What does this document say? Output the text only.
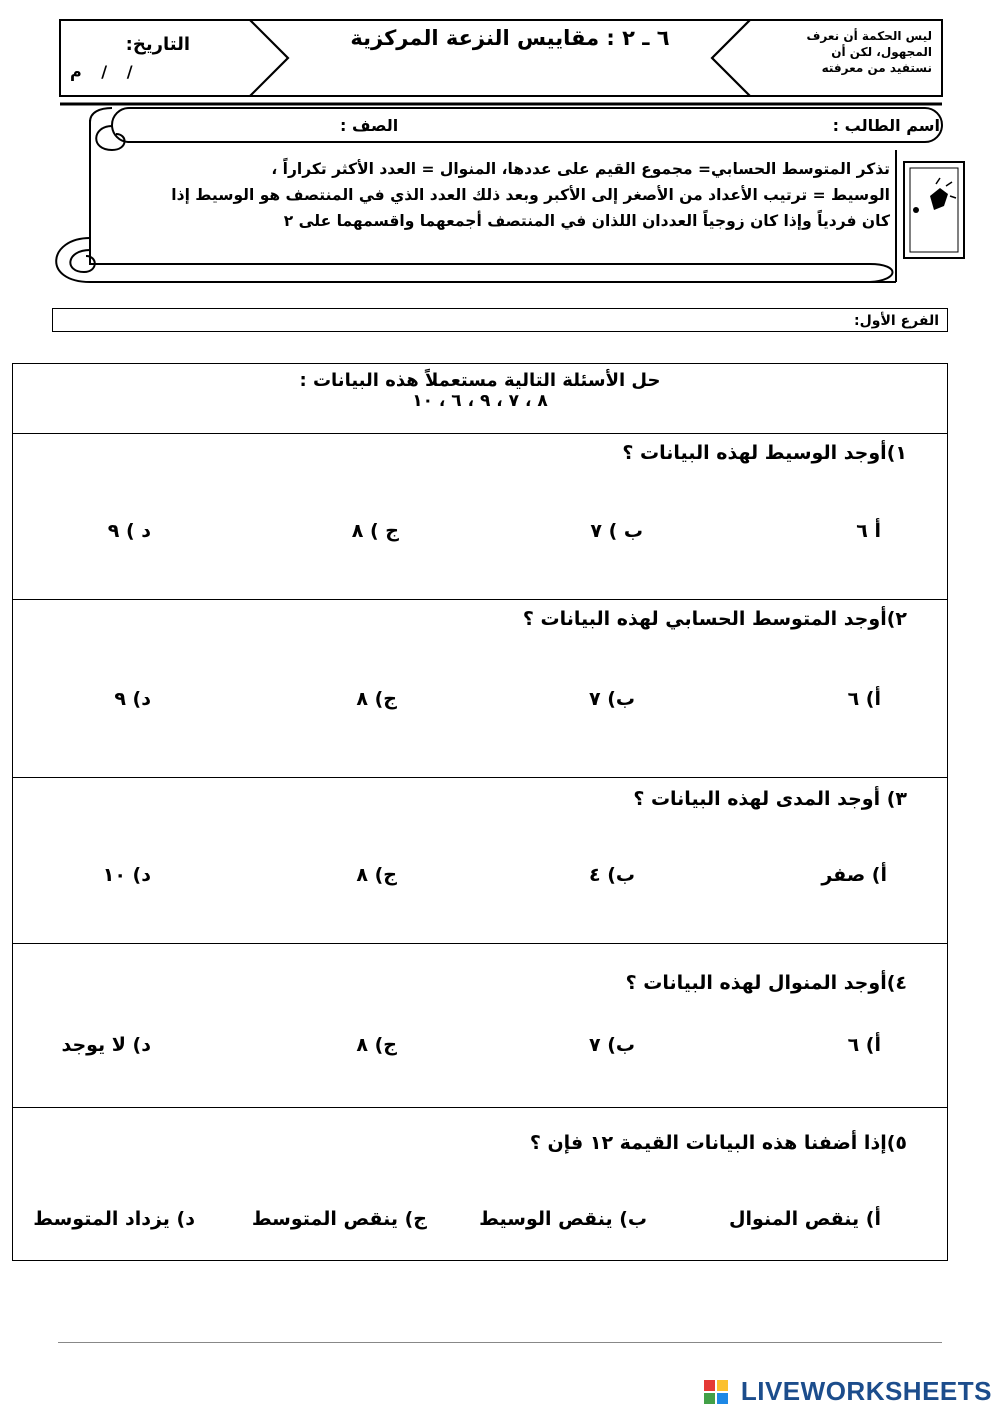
ليس الحكمة أن نعرف
المجهول، لكن أن
نستفيد من معرفته
٦ ـ ٢ : مقاييس النزعة المركزية
التاريخ:
/ / م
اسم الطالب :
الصف :
تذكر المتوسط الحسابي= مجموع القيم على عددها، المنوال = العدد الأكثر تكراراً ،
الوسيط = ترتيب الأعداد من الأصغر إلى الأكبر وبعد ذلك العدد الذي في المنتصف هو الوسيط إذا
كان فردياً وإذا كان زوجياً العددان اللذان في المنتصف أجمعهما واقسمهما على ٢
الفرع الأول:
حل الأسئلة التالية مستعملاً هذه البيانات :
٨ ، ٧ ، ٩ ، ٦ ، ١٠
١)أوجد الوسيط لهذه البيانات ؟
أ ٦
ب ) ٧
ج ) ٨
د ) ٩
٢)أوجد المتوسط الحسابي لهذه البيانات ؟
أ) ٦
ب) ٧
ج) ٨
د) ٩
٣) أوجد المدى لهذه البيانات ؟
أ) صفر
ب) ٤
ج) ٨
د) ١٠
٤)أوجد المنوال لهذه البيانات ؟
أ) ٦
ب) ٧
ج) ٨
د) لا يوجد
٥)إذا أضفنا هذه البيانات القيمة ١٢ فإن ؟
أ) ينقص المنوال
ب) ينقص الوسيط
ج) ينقص المتوسط
د) يزداد المتوسط
LIVEWORKSHEETS
